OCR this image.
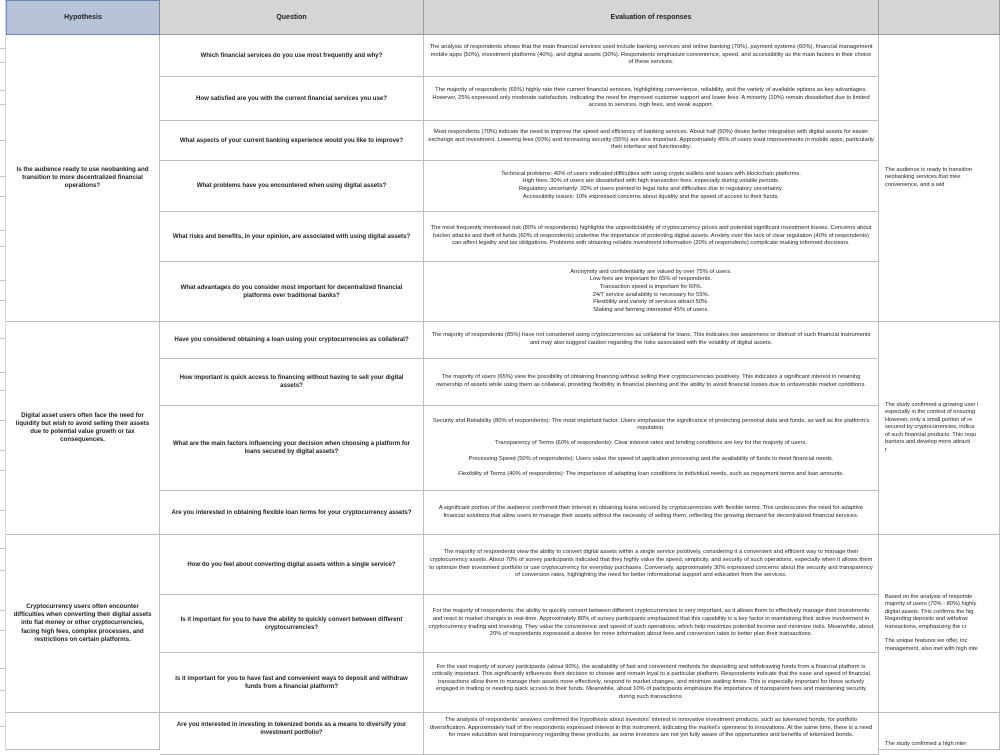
Hypothesis	Question	Evaluation of responses
Is the audience ready to use neobanking and transition to more decentralized financial operations?
Digital asset users often face the need for liquidity but wish to avoid selling their assets due to potential value growth or tax consequences.
Cryptocurrency users often encounter difficulties when converting their digital assets into fiat money or other cryptocurrencies, facing high fees, complex processes, and restrictions on certain platforms.
Which financial services do you use most frequently and why?
The analysis of respondents shows that the main financial services used include banking services and online banking (70%), payment systems (60%), financial management mobile apps (50%), investment platforms (40%), and digital assets (30%). Respondents emphasize convenience, speed, and accessibility as the main factors in their choice of these services.
How satisfied are you with the current financial services you use?
The majority of respondents (65%) highly rate their current financial services, highlighting convenience, reliability, and the variety of available options as key advantages. However, 25% expressed only moderate satisfaction, indicating the need for improved customer support and lower fees. A minority (10%) remain dissatisfied due to limited access to services, high fees, and weak support.
What aspects of your current banking experience would you like to improve?
Most respondents (70%) indicate the need to improve the speed and efficiency of banking services. About half (50%) desire better integration with digital assets for easier exchange and investment. Lowering fees (60%) and increasing security (55%) are also important. Approximately 45% of users want improvements in mobile apps, particularly their interface and functionality.
What problems have you encountered when using digital assets?
Technical problems: 40% of users indicated difficulties with using crypto wallets and issues with blockchain platforms.
High fees: 30% of users are dissatisfied with high transaction fees, especially during volatile periods.
Regulatory uncertainty: 20% of users pointed to legal risks and difficulties due to regulatory uncertainty.
Accessibility issues: 10% expressed concerns about liquidity and the speed of access to their funds.
What risks and benefits, in your opinion, are associated with using digital assets?
The most frequently mentioned risk (80% of respondents) highlights the unpredictability of cryptocurrency prices and potential significant investment losses. Concerns about hacker attacks and theft of funds (60% of respondents) underline the importance of protecting digital assets. Anxiety over the lack of clear regulation (40% of respondents) can affect legality and tax obligations. Problems with obtaining reliable investment information (20% of respondents) complicate making informed decisions.
What advantages do you consider most important for decentralized financial platforms over traditional banks?
Anonymity and confidentiality are valued by over 75% of users.
Low fees are important for 65% of respondents.
Transaction speed is important for 60%.
24/7 service availability is necessary for 55%.
Flexibility and variety of services attract 50%.
Staking and farming interested 45% of users.
Have you considered obtaining a loan using your cryptocurrencies as collateral?
The majority of respondents (85%) have not considered using cryptocurrencies as collateral for loans. This indicates low awareness or distrust of such financial instruments and may also suggest caution regarding the risks associated with the volatility of digital assets.
How important is quick access to financing without having to sell your digital assets?
The majority of users (65%) view the possibility of obtaining financing without selling their cryptocurrencies positively. This indicates a significant interest in retaining ownership of assets while using them as collateral, providing flexibility in financial planning and the ability to avoid financial losses due to unfavorable market conditions.
What are the main factors influencing your decision when choosing a platform for loans secured by digital assets?
Security and Reliability (80% of respondents): The most important factor. Users emphasize the significance of protecting personal data and funds, as well as the platform's reputation.

Transparency of Terms (60% of respondents): Clear interest rates and lending conditions are key for the majority of users.

Processing Speed (50% of respondents): Users value the speed of application processing and the availability of funds to meet financial needs.

Flexibility of Terms (40% of respondents): The importance of adapting loan conditions to individual needs, such as repayment terms and loan amounts.
Are you interested in obtaining flexible loan terms for your cryptocurrency assets?
A significant portion of the audience confirmed their interest in obtaining loans secured by cryptocurrencies with flexible terms. This underscores the need for adaptive financial solutions that allow users to manage their assets without the necessity of selling them, reflecting the growing demand for decentralized financial services.
How do you feel about converting digital assets within a single service?
The majority of respondents view the ability to convert digital assets within a single service positively, considering it a convenient and efficient way to manage their cryptocurrency assets. About 70% of survey participants indicated that they highly value the speed, simplicity, and security of such operations, especially when it allows them to optimize their investment portfolio or use cryptocurrency for everyday purchases. Conversely, approximately 30% expressed concerns about the security and transparency of conversion rates, highlighting the need for better informational support and education from the services.
Is it important for you to have the ability to quickly convert between different cryptocurrencies?
For the majority of respondents, the ability to quickly convert between different cryptocurrencies is very important, as it allows them to effectively manage their investments and react to market changes in real-time. Approximately 80% of survey participants emphasized that this capability is a key factor in maintaining their active involvement in cryptocurrency trading and investing. They value the convenience and speed of such operations, which help maximize potential income and minimize risks. Meanwhile, about 20% of respondents expressed a desire for more information about fees and conversion rates to better plan their transactions.
Is it important for you to have fast and convenient ways to deposit and withdraw funds from a financial platform?
For the vast majority of survey participants (about 90%), the availability of fast and convenient methods for depositing and withdrawing funds from a financial platform is critically important. This significantly influences their decision to choose and remain loyal to a particular platform. Respondents indicate that the ease and speed of financial transactions allow them to manage their assets more effectively, respond to market changes, and minimize waiting times. This is especially important for those actively engaged in trading or needing quick access to their funds. Meanwhile, about 10% of participants emphasize the importance of transparent fees and maintaining security during such transactions.
Are you interested in investing in tokenized bonds as a means to diversify your investment portfolio?
The analysis of respondents' answers confirmed the hypothesis about investors' interest in innovative investment products, such as tokenized bonds, for portfolio diversification. Approximately half of the respondents expressed interest in this instrument, indicating the market's openness to innovations. At the same time, there is a need for more education and transparency regarding these products, as some investors are not yet fully aware of the opportunities and benefits of tokenized bonds.
The audience is ready to transition
neobanking services that mee
convenience, and a wid
The study confirmed a growing user i
especially in the context of ensuring
However, only a small portion of re
secured by cryptocurrencies, indica
of such financial products. This requ
barriers and develop more attracti
r
Based on the analysis of responde
majority of users (70% - 80%) highly
digital assets. This confirms the hig
Regarding deposits and withdrav
transactions, emphasizing the cr

The unique features we offer, inc
management, also met with high inte
The study confirmed a high inter
